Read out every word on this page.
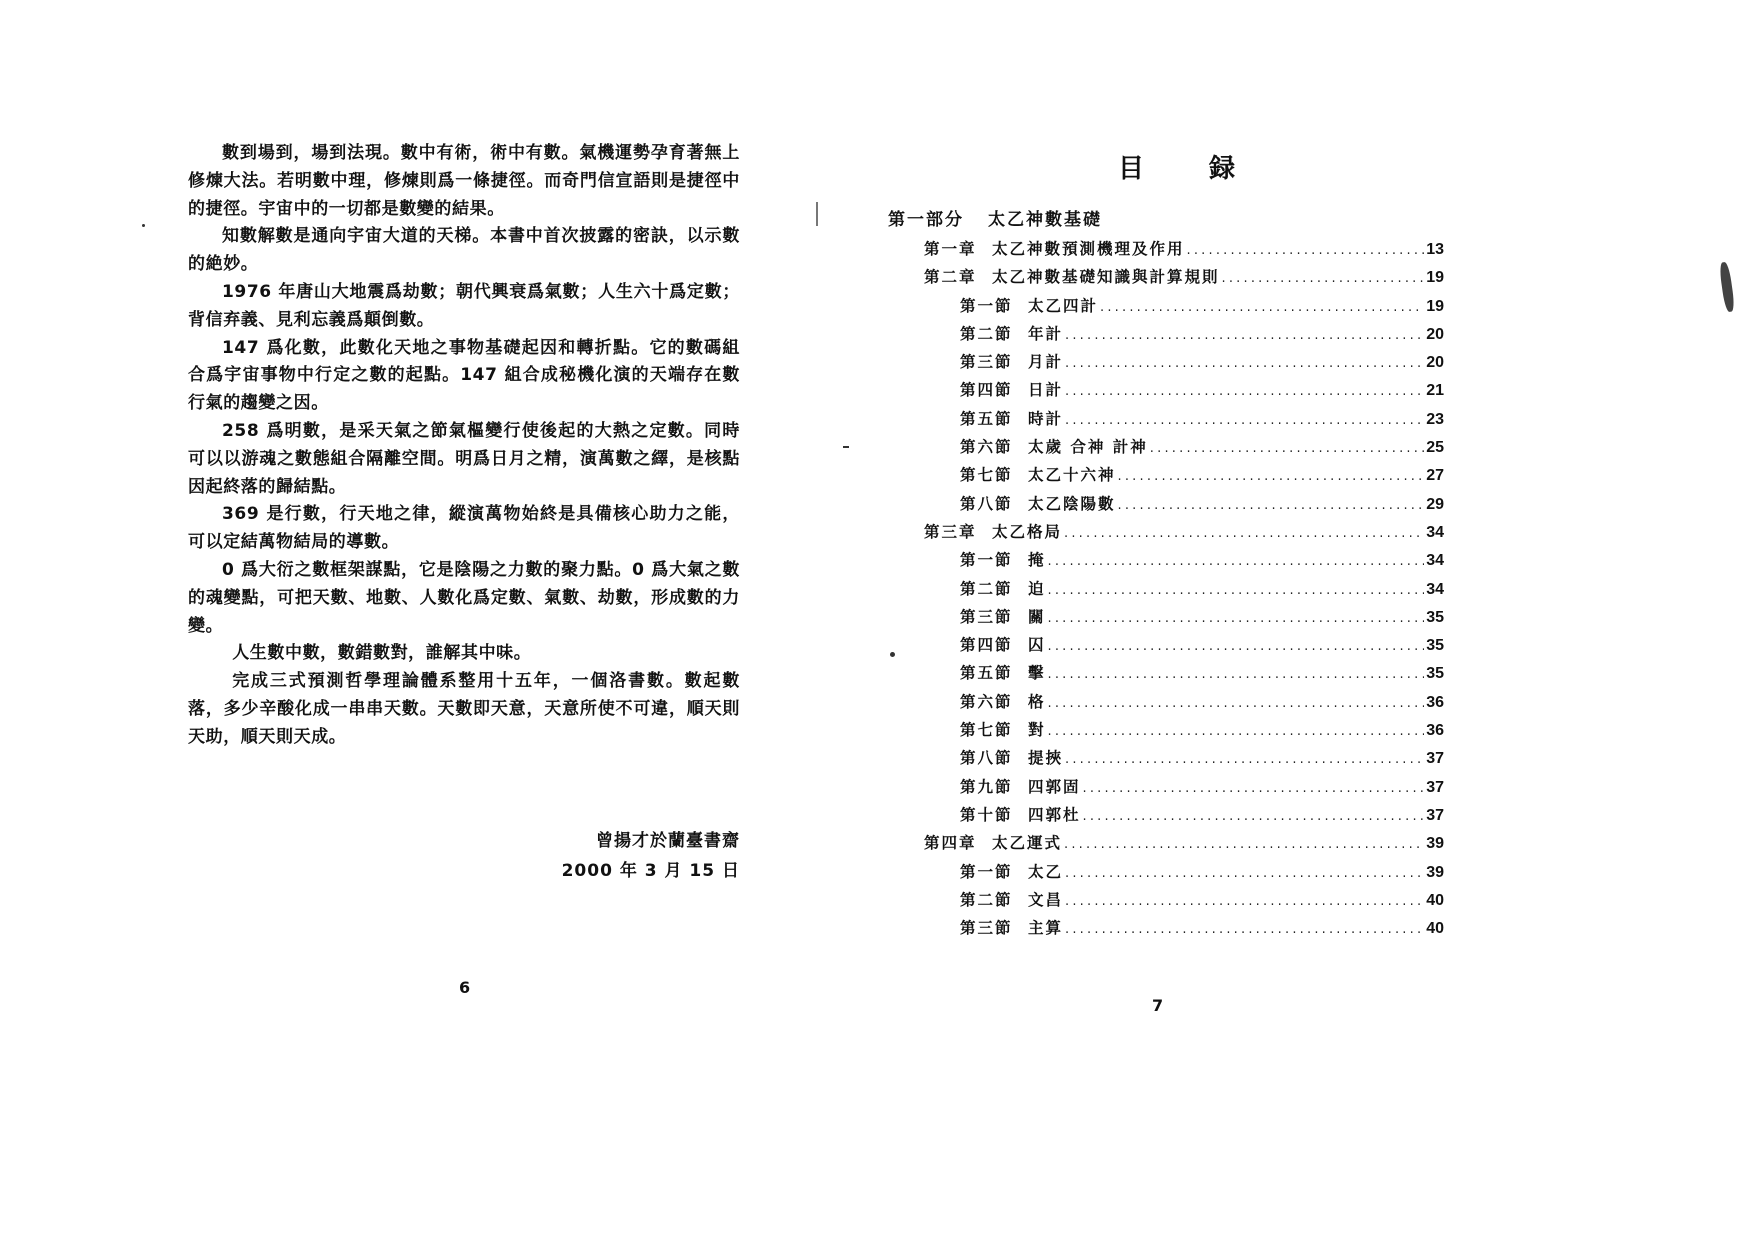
數到場到，場到法現。數中有術，術中有數。氣機運勢孕育著無上修煉大法。若明數中理，修煉則爲一條捷徑。而奇門信宣語則是捷徑中的捷徑。宇宙中的一切都是數變的結果。

知數解數是通向宇宙大道的天梯。本書中首次披露的密訣，以示數的絶妙。

1976 年唐山大地震爲劫數；朝代興衰爲氣數；人生六十爲定數；背信弃義、見利忘義爲顛倒數。

147 爲化數，此數化天地之事物基礎起因和轉折點。它的數碼組合爲宇宙事物中行定之數的起點。147 組合成秘機化演的天端存在數行氣的趨變之因。

258 爲明數，是采天氣之節氣樞變行使後起的大熱之定數。同時可以以游魂之數態組合隔離空間。明爲日月之精，演萬數之繹，是核點因起終落的歸結點。

369 是行數，行天地之律，縱演萬物始終是具備核心助力之能，可以定結萬物結局的導數。

0 爲大衍之數框架謀點，它是陰陽之力數的聚力點。0 爲大氣之數的魂變點，可把天數、地數、人數化爲定數、氣數、劫數，形成數的力變。

人生數中數，數錯數對，誰解其中味。

完成三式預測哲學理論體系整用十五年，一個洛書數。數起數落，多少辛酸化成一串串天數。天數即天意，天意所使不可違，順天則天助，順天則天成。

曾揚才於蘭臺書齋
2000 年 3 月 15 日
6
目 録
第一部分	太乙神數基礎
第一章 太乙神數預測機理及作用 .....	13
第二章 太乙神數基礎知識與計算規則 .....	19
第一節 太乙四計 .....	19
第二節 年計 .....	20
第三節 月計 .....	20
第四節 日計 .....	21
第五節 時計 .....	23
第六節 太歲 合神 計神 .....	25
第七節 太乙十六神 .....	27
第八節 太乙陰陽數 .....	29
第三章 太乙格局 .....	34
第一節 掩 .....	34
第二節 迫 .....	34
第三節 關 .....	35
第四節 囚 .....	35
第五節 擊 .....	35
第六節 格 .....	36
第七節 對 .....	36
第八節 提挾 .....	37
第九節 四郭固 .....	37
第十節 四郭杜 .....	37
第四章 太乙運式 .....	39
第一節 太乙 .....	39
第二節 文昌 .....	40
第三節 主算 .....	40
7
